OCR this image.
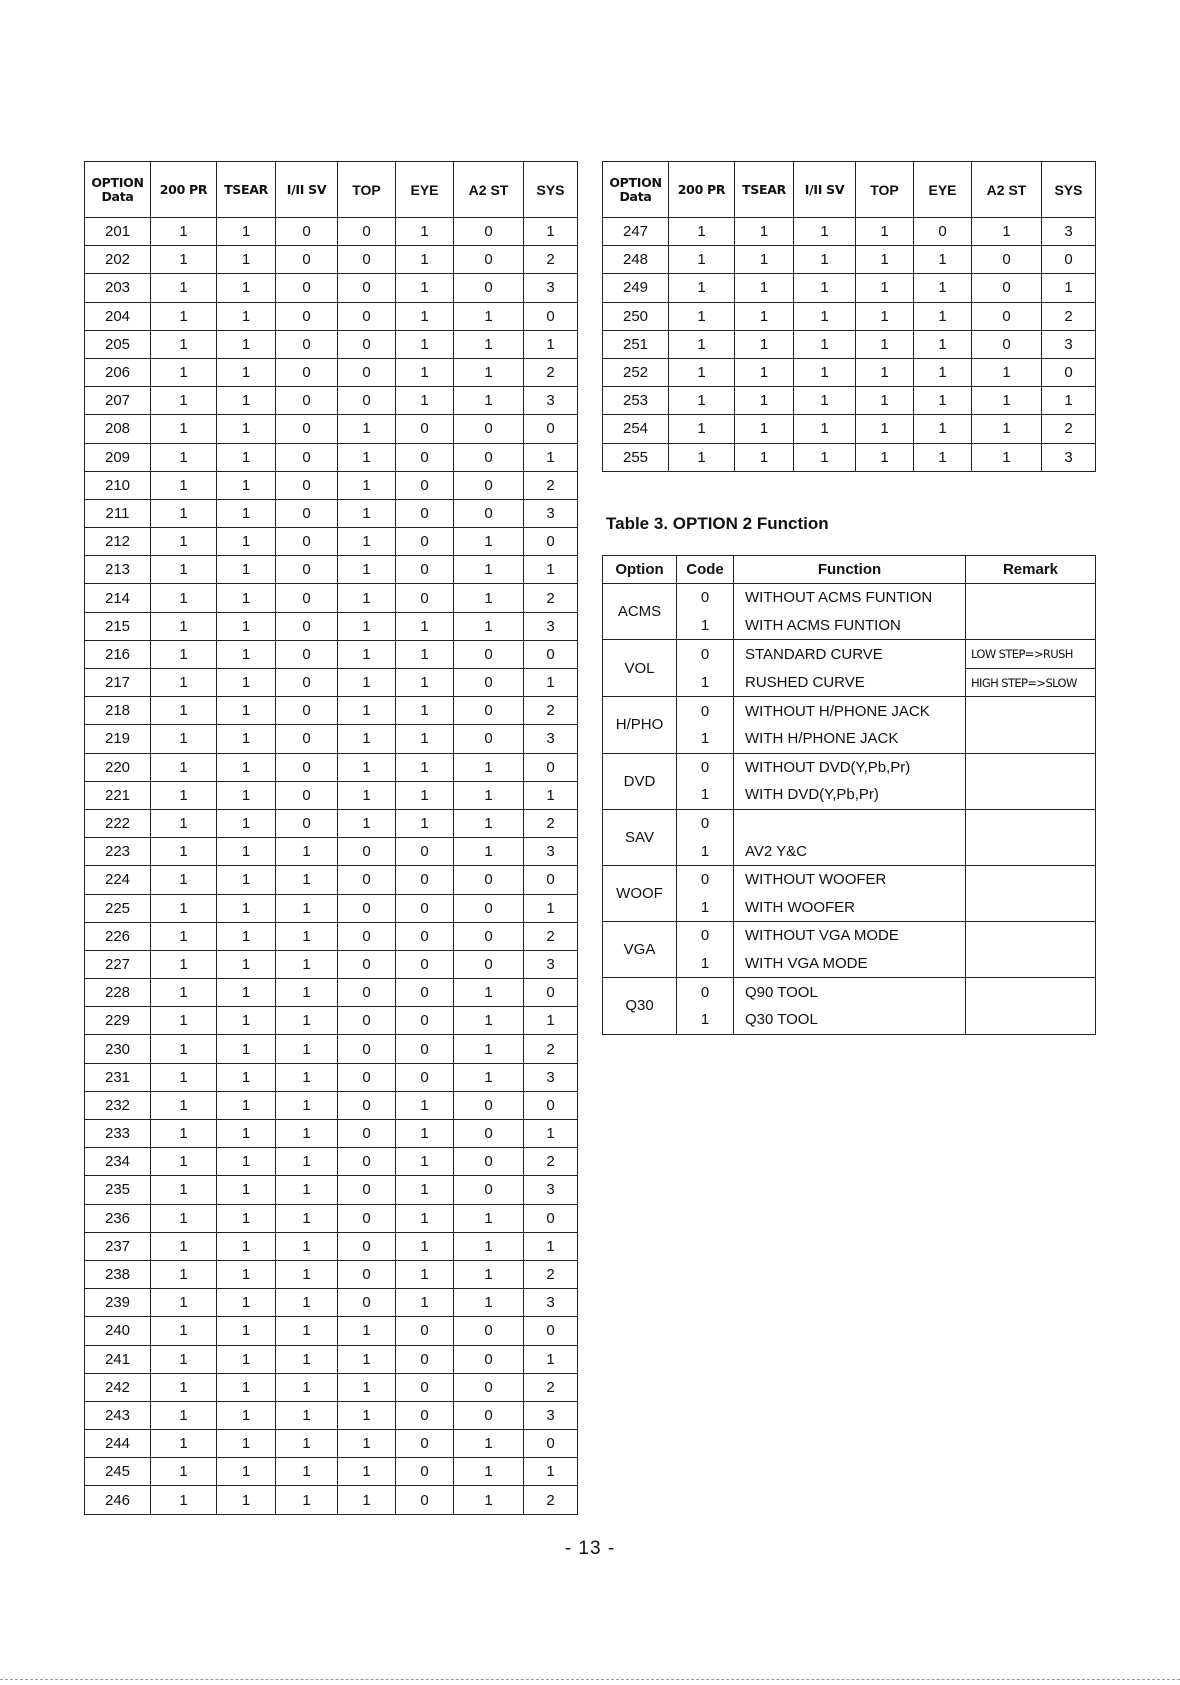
OPTION
Data	200 PR	TSEAR	I/II SV	TOP	EYE	A2 ST	SYS
201	1	1	0	0	1	0	1
202	1	1	0	0	1	0	2
203	1	1	0	0	1	0	3
204	1	1	0	0	1	1	0
205	1	1	0	0	1	1	1
206	1	1	0	0	1	1	2
207	1	1	0	0	1	1	3
208	1	1	0	1	0	0	0
209	1	1	0	1	0	0	1
210	1	1	0	1	0	0	2
211	1	1	0	1	0	0	3
212	1	1	0	1	0	1	0
213	1	1	0	1	0	1	1
214	1	1	0	1	0	1	2
215	1	1	0	1	1	1	3
216	1	1	0	1	1	0	0
217	1	1	0	1	1	0	1
218	1	1	0	1	1	0	2
219	1	1	0	1	1	0	3
220	1	1	0	1	1	1	0
221	1	1	0	1	1	1	1
222	1	1	0	1	1	1	2
223	1	1	1	0	0	1	3
224	1	1	1	0	0	0	0
225	1	1	1	0	0	0	1
226	1	1	1	0	0	0	2
227	1	1	1	0	0	0	3
228	1	1	1	0	0	1	0
229	1	1	1	0	0	1	1
230	1	1	1	0	0	1	2
231	1	1	1	0	0	1	3
232	1	1	1	0	1	0	0
233	1	1	1	0	1	0	1
234	1	1	1	0	1	0	2
235	1	1	1	0	1	0	3
236	1	1	1	0	1	1	0
237	1	1	1	0	1	1	1
238	1	1	1	0	1	1	2
239	1	1	1	0	1	1	3
240	1	1	1	1	0	0	0
241	1	1	1	1	0	0	1
242	1	1	1	1	0	0	2
243	1	1	1	1	0	0	3
244	1	1	1	1	0	1	0
245	1	1	1	1	0	1	1
246	1	1	1	1	0	1	2
OPTION
Data	200 PR	TSEAR	I/II SV	TOP	EYE	A2 ST	SYS
247	1	1	1	1	0	1	3
248	1	1	1	1	1	0	0
249	1	1	1	1	1	0	1
250	1	1	1	1	1	0	2
251	1	1	1	1	1	0	3
252	1	1	1	1	1	1	0
253	1	1	1	1	1	1	1
254	1	1	1	1	1	1	2
255	1	1	1	1	1	1	3

Table 3. OPTION 2 Function

Option	Code	Function	Remark
ACMS	0	WITHOUT ACMS FUNTION	
	1	WITH ACMS FUNTION	
VOL	0	STANDARD CURVE	LOW STEP=>RUSH
	1	RUSHED CURVE	HIGH STEP=>SLOW
H/PHO	0	WITHOUT H/PHONE JACK	
	1	WITH H/PHONE JACK	
DVD	0	WITHOUT DVD(Y,Pb,Pr)	
	1	WITH DVD(Y,Pb,Pr)	
SAV	0		
	1	AV2 Y&C	
WOOF	0	WITHOUT WOOFER	
	1	WITH WOOFER	
VGA	0	WITHOUT VGA MODE	
	1	WITH VGA MODE	
Q30	0	Q90 TOOL	
	1	Q30 TOOL	

- 13 -
